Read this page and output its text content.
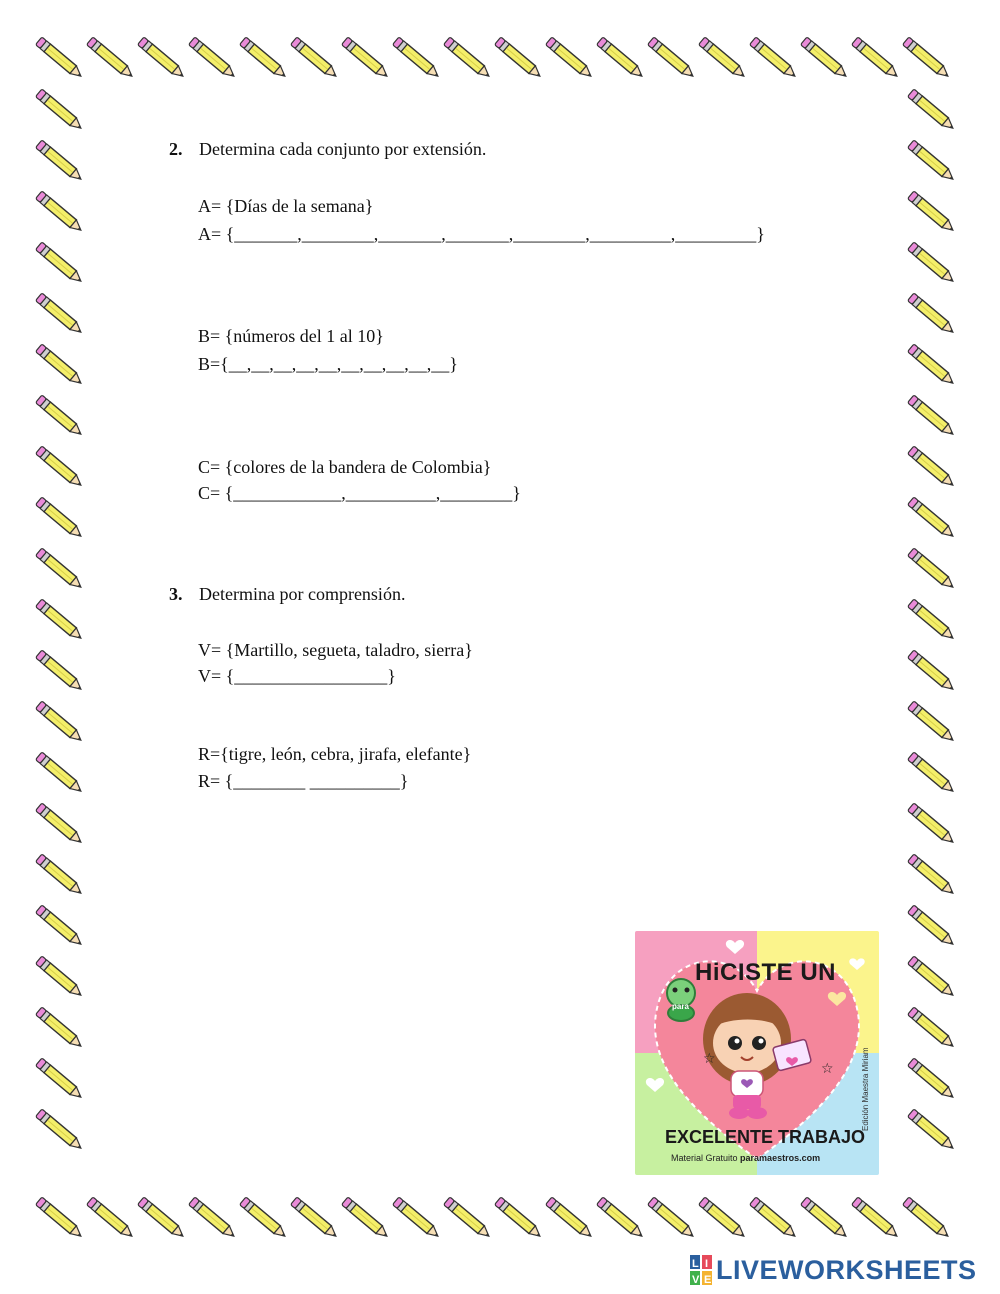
2. Determina cada conjunto por extensión.

A= {Días de la semana}
A= {_______,________,_______,_______,________,_________,_________}
B= {números del 1 al 10}
B={__,__,__,__,__,__,__,__,__,__}
C= {colores de la bandera de Colombia}
C= {____________,__________,________}

3. Determina por comprensión.

V= {Martillo, segueta, taladro, sierra}
V= {_________________}
R={tigre, león, cebra, jirafa, elefante}
R= {________ __________}
☆
☆
HiCISTE UN
para
EXCELENTE TRABAJO
Material Gratuito paramaestros.com
Edición Maestra Miriam
L I
V E LIVEWORKSHEETS
